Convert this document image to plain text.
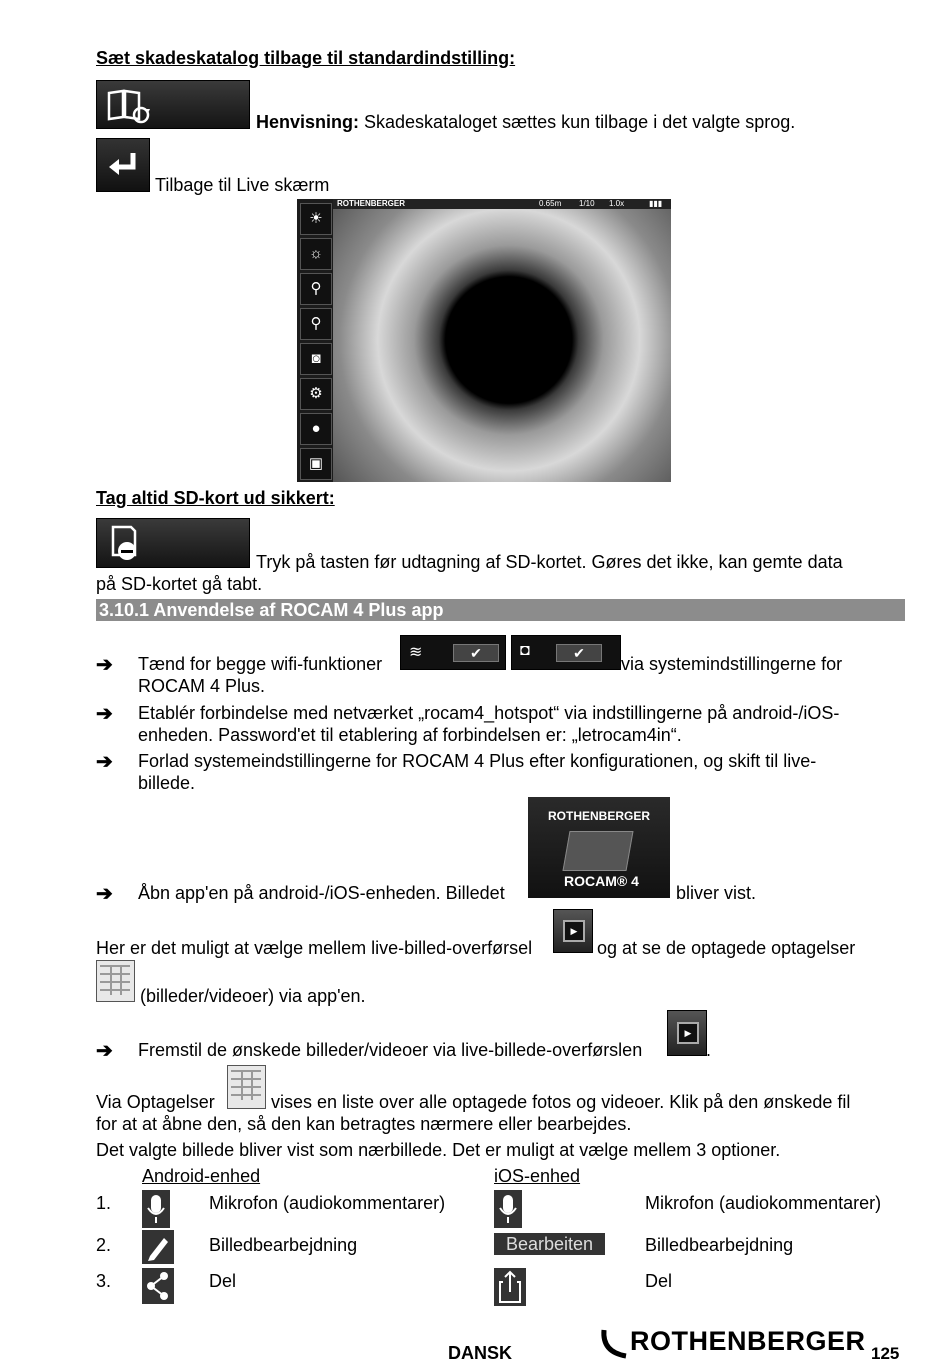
Sæt skadeskatalog tilbage til standardindstilling:
Henvisning: Skadeskataloget sættes kun tilbage i det valgte sprog.
Tilbage til Live skærm
ROTHENBERGER	0.65m 1/10 1.0x	▮▮▮
☀
☼
⚲
⚲
◙
⚙
●
▣
Tag altid SD-kort ud sikkert:
Tryk på tasten før udtagning af SD-kortet. Gøres det ikke, kan gemte data
på SD-kortet gå tabt.
3.10.1 Anvendelse af ROCAM 4 Plus app
➔ Tænd for begge wifi-funktioner
≋	✔	◘	✔
via systemindstillingerne for
ROCAM 4 Plus.
➔ Etablér forbindelse med netværket „rocam4_hotspot“ via indstillingerne på android-/iOS-
enheden. Password'et til etablering af forbindelsen er: „letrocam4in“.
➔ Forlad systemeindstillingerne for ROCAM 4 Plus efter konfigurationen, og skift til live-
billede.
ROTHENBERGER
ROCAM® 4
➔ Åbn app'en på android-/iOS-enheden. Billedet	bliver vist.
Her er det muligt at vælge mellem live-billed-overførsel
▶
og at se de optagede optagelser
(billeder/videoer) via app'en.
➔ Fremstil de ønskede billeder/videoer via live-billede-overførslen
▶
.
Via Optagelser	vises en liste over alle optagede fotos og videoer. Klik på den ønskede fil
for at at åbne den, så den kan betragtes nærmere eller bearbejdes.
Det valgte billede bliver vist som nærbillede. Det er muligt at vælge mellem 3 optioner.
Android-enhed	iOS-enhed
1.	Mikrofon (audiokommentarer)	Mikrofon (audiokommentarer)
2.	Billedbearbejdning	Bearbeiten	Billedbearbejdning
3.	Del	Del
DANSK	ROTHENBERGER 125
